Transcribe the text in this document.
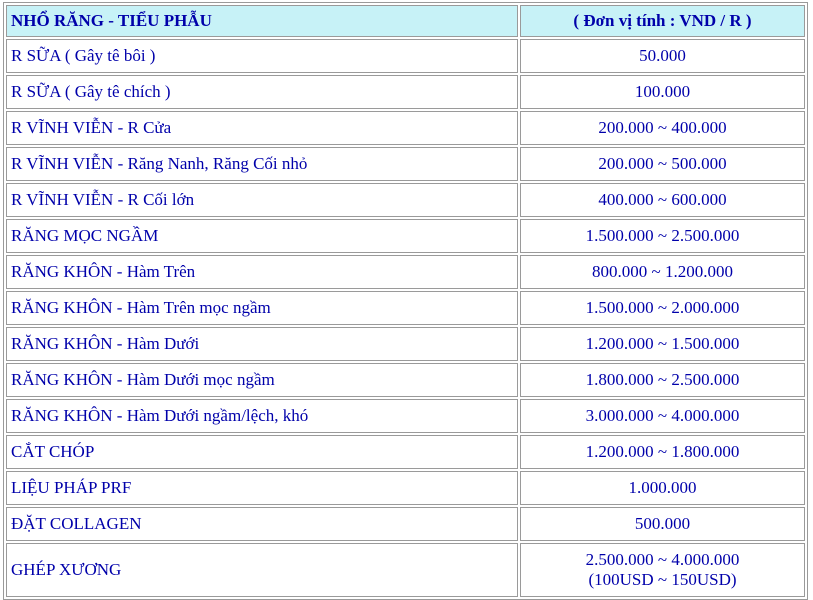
NHỔ RĂNG - TIỂU PHẪU	( Đơn vị tính : VND / R )
R SỮA ( Gây tê bôi )	50.000
R SỮA ( Gây tê chích )	100.000
R VĨNH VIỄN - R Cửa	200.000 ~ 400.000
R VĨNH VIỄN - Răng Nanh, Răng Cối nhỏ	200.000 ~ 500.000
R VĨNH VIỄN - R Cối lớn	400.000 ~ 600.000
RĂNG MỌC NGẦM	1.500.000 ~ 2.500.000
RĂNG KHÔN - Hàm Trên	800.000 ~ 1.200.000
RĂNG KHÔN - Hàm Trên mọc ngầm	1.500.000 ~ 2.000.000
RĂNG KHÔN - Hàm Dưới	1.200.000 ~ 1.500.000
RĂNG KHÔN - Hàm Dưới mọc ngầm	1.800.000 ~ 2.500.000
RĂNG KHÔN - Hàm Dưới ngầm/lệch, khó	3.000.000 ~ 4.000.000
CẮT CHÓP	1.200.000 ~ 1.800.000
LIỆU PHÁP PRF	1.000.000
ĐẶT COLLAGEN	500.000
GHÉP XƯƠNG	2.500.000 ~ 4.000.000
(100USD ~ 150USD)
